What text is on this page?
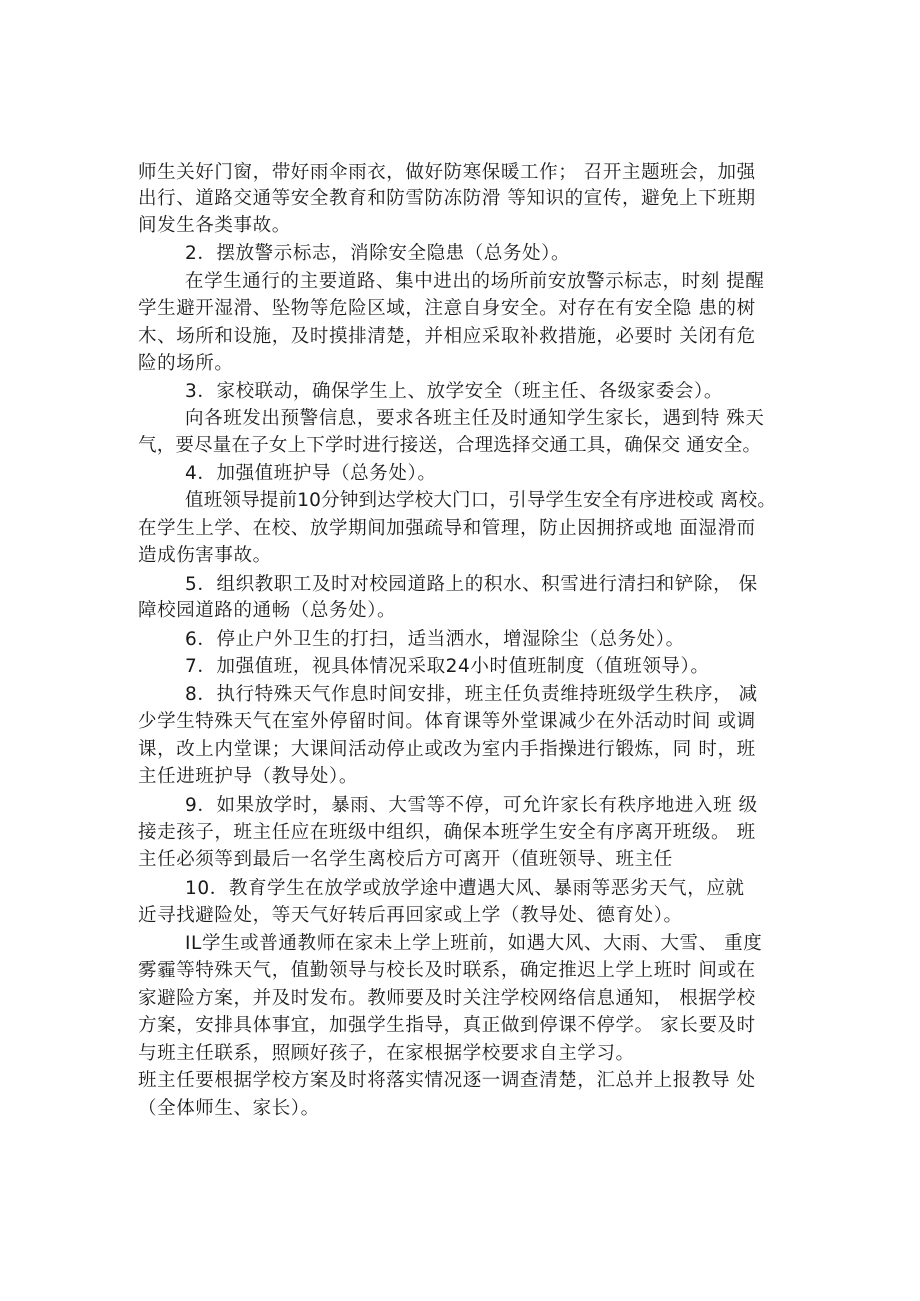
师生关好门窗，带好雨伞雨衣，做好防寒保暖工作； 召开主题班会，加强
出行、道路交通等安全教育和防雪防冻防滑 等知识的宣传，避免上下班期
间发生各类事故。
2．摆放警示标志，消除安全隐患（总务处）。
在学生通行的主要道路、集中进出的场所前安放警示标志，时刻 提醒
学生避开湿滑、坠物等危险区域，注意自身安全。对存在有安全隐 患的树
木、场所和设施，及时摸排清楚，并相应采取补救措施，必要时 关闭有危
险的场所。
3．家校联动，确保学生上、放学安全（班主任、各级家委会）。
向各班发出预警信息，要求各班主任及时通知学生家长，遇到特 殊天
气，要尽量在子女上下学时进行接送，合理选择交通工具，确保交 通安全。
4．加强值班护导（总务处）。
值班领导提前10分钟到达学校大门口，引导学生安全有序进校或 离校。
在学生上学、在校、放学期间加强疏导和管理，防止因拥挤或地 面湿滑而
造成伤害事故。
5．组织教职工及时对校园道路上的积水、积雪进行清扫和铲除， 保
障校园道路的通畅（总务处）。
6．停止户外卫生的打扫，适当洒水，增湿除尘（总务处）。
7．加强值班，视具体情况采取24小时值班制度（值班领导）。
8．执行特殊天气作息时间安排，班主任负责维持班级学生秩序， 减
少学生特殊天气在室外停留时间。体育课等外堂课减少在外活动时间 或调
课，改上内堂课；大课间活动停止或改为室内手指操进行锻炼，同 时，班
主任进班护导（教导处）。
9．如果放学时，暴雨、大雪等不停，可允许家长有秩序地进入班 级
接走孩子，班主任应在班级中组织，确保本班学生安全有序离开班级。 班
主任必须等到最后一名学生离校后方可离开（值班领导、班主任
10．教育学生在放学或放学途中遭遇大风、暴雨等恶劣天气，应就
近寻找避险处，等天气好转后再回家或上学（教导处、德育处）。
IL学生或普通教师在家未上学上班前，如遇大风、大雨、大雪、 重度
雾霾等特殊天气，值勤领导与校长及时联系，确定推迟上学上班时 间或在
家避险方案，并及时发布。教师要及时关注学校网络信息通知， 根据学校
方案，安排具体事宜，加强学生指导，真正做到停课不停学。 家长要及时
与班主任联系，照顾好孩子，在家根据学校要求自主学习。
班主任要根据学校方案及时将落实情况逐一调查清楚，汇总并上报教导 处
（全体师生、家长）。
